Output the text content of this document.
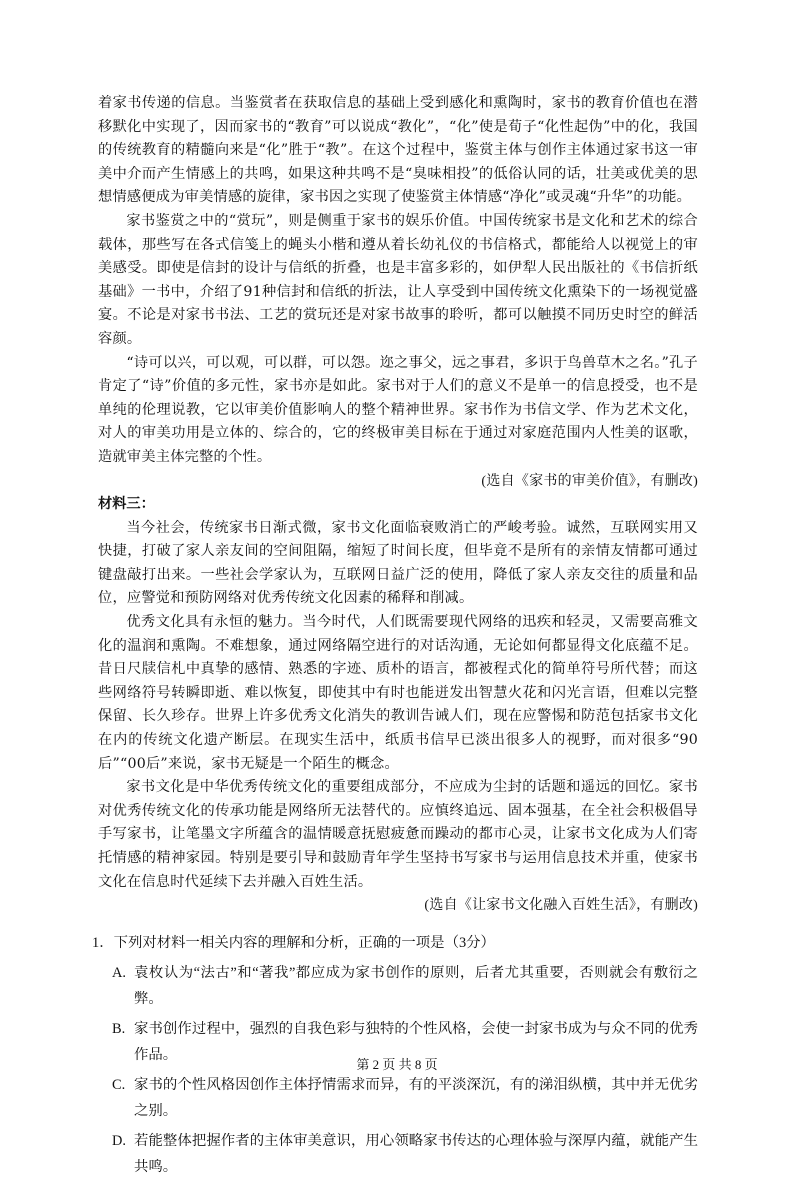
着家书传递的信息。当鉴赏者在获取信息的基础上受到感化和熏陶时，家书的教育价值也在潜移默化中实现了，因而家书的“教育”可以说成“教化”，“化”使是荀子“化性起伪”中的化，我国的传统教育的精髓向来是“化”胜于“教”。在这个过程中，鉴赏主体与创作主体通过家书这一审美中介而产生情感上的共鸣，如果这种共鸣不是“臭味相投”的低俗认同的话，壮美或优美的思想情感便成为审美情感的旋律，家书因之实现了使鉴赏主体情感“净化”或灵魂“升华”的功能。

家书鉴赏之中的“赏玩”，则是侧重于家书的娱乐价值。中国传统家书是文化和艺术的综合载体，那些写在各式信笺上的蝇头小楷和遵从着长幼礼仪的书信格式，都能给人以视觉上的审美感受。即使是信封的设计与信纸的折叠，也是丰富多彩的，如伊犁人民出版社的《书信折纸基础》一书中，介绍了91种信封和信纸的折法，让人享受到中国传统文化熏染下的一场视觉盛宴。不论是对家书书法、工艺的赏玩还是对家书故事的聆听，都可以触摸不同历史时空的鲜活容颜。

“诗可以兴，可以观，可以群，可以怨。迩之事父，远之事君，多识于鸟兽草木之名。”孔子肯定了“诗”价值的多元性，家书亦是如此。家书对于人们的意义不是单一的信息授受，也不是单纯的伦理说教，它以审美价值影响人的整个精神世界。家书作为书信文学、作为艺术文化，对人的审美功用是立体的、综合的，它的终极审美目标在于通过对家庭范围内人性美的讴歌，造就审美主体完整的个性。
(选自《家书的审美价值》，有删改)

材料三：

当今社会，传统家书日渐式微，家书文化面临衰败消亡的严峻考验。诚然，互联网实用又快捷，打破了家人亲友间的空间阻隔，缩短了时间长度，但毕竟不是所有的亲情友情都可通过键盘敲打出来。一些社会学家认为，互联网日益广泛的使用，降低了家人亲友交往的质量和品位，应警觉和预防网络对优秀传统文化因素的稀释和削减。

优秀文化具有永恒的魅力。当今时代，人们既需要现代网络的迅疾和轻灵，又需要高雅文化的温润和熏陶。不难想象，通过网络隔空进行的对话沟通，无论如何都显得文化底蕴不足。昔日尺牍信札中真挚的感情、熟悉的字迹、质朴的语言，都被程式化的简单符号所代替；而这些网络符号转瞬即逝、难以恢复，即使其中有时也能迸发出智慧火花和闪光言语，但难以完整保留、长久珍存。世界上许多优秀文化消失的教训告诫人们，现在应警惕和防范包括家书文化在内的传统文化遗产断层。在现实生活中，纸质书信早已淡出很多人的视野，而对很多“90后”“00后”来说，家书无疑是一个陌生的概念。

家书文化是中华优秀传统文化的重要组成部分，不应成为尘封的话题和遥远的回忆。家书对优秀传统文化的传承功能是网络所无法替代的。应慎终追远、固本强基，在全社会积极倡导手写家书，让笔墨文字所蕴含的温情暖意抚慰疲惫而躁动的都市心灵，让家书文化成为人们寄托情感的精神家园。特别是要引导和鼓励青年学生坚持书写家书与运用信息技术并重，使家书文化在信息时代延续下去并融入百姓生活。
(选自《让家书文化融入百姓生活》，有删改)

1．下列对材料一相关内容的理解和分析，正确的一项是（3分）

A. 袁枚认为“法古”和“著我”都应成为家书创作的原则，后者尤其重要，否则就会有敷衍之弊。
B. 家书创作过程中，强烈的自我色彩与独特的个性风格，会使一封家书成为与众不同的优秀作品。
C. 家书的个性风格因创作主体抒情需求而异，有的平淡深沉，有的涕泪纵横，其中并无优劣之别。
D. 若能整体把握作者的主体审美意识，用心领略家书传达的心理体验与深厚内蕴，就能产生共鸣。
第 2 页 共 8 页
